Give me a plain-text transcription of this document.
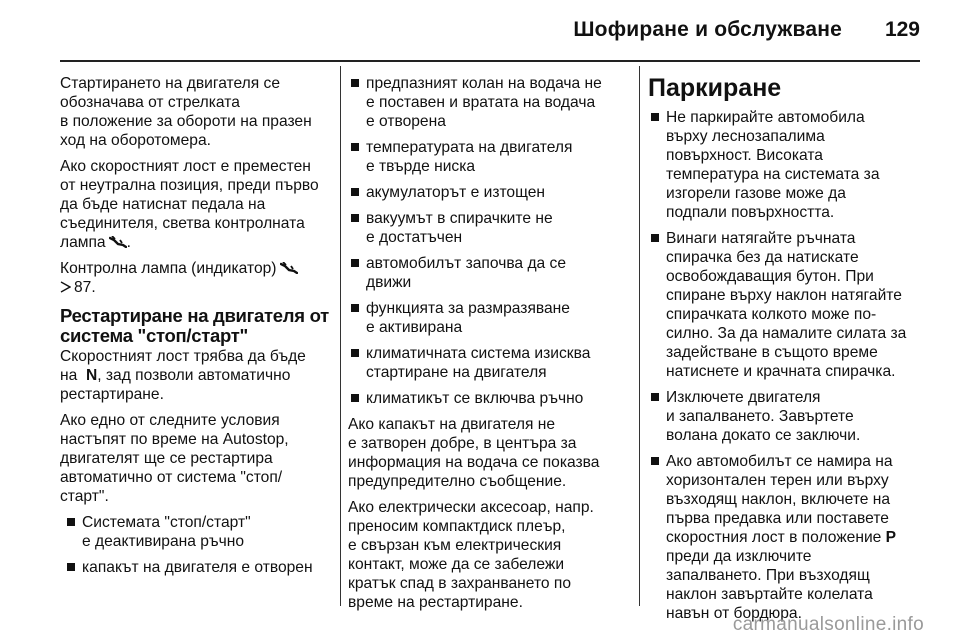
Шофиране и обслужване 129

Стартирането на двигателя се
обозначава от стрелката
в положение за обороти на празен
ход на оборотомера.

Ако скоростният лост е преместен
от неутрална позиция, преди първо
да бъде натиснат педала на
съединителя, светва контролната
лампа .

Контролна лампа (индикатор)
87.

Рестартиране на двигателя от
система "стоп/старт"

Скоростният лост трябва да бъде
на  N, зад позволи автоматично
рестартиране.

Ако едно от следните условия
настъпят по време на Autostop,
двигателят ще се рестартира
автоматично от система "стоп/
старт".

Системата "стоп/старт"
е деактивирана ръчно
капакът на двигателя е отворен
предпазният колан на водача не
е поставен и вратата на водача
е отворена
температурата на двигателя
е твърде ниска
акумулаторът е изтощен
вакуумът в спирачките не
е достатъчен
автомобилът започва да се
движи
функцията за размразяване
е активирана
климатичната система изисква
стартиране на двигателя
климатикът се включва ръчно

Ако капакът на двигателя не
е затворен добре, в центъра за
информация на водача се показва
предупредително съобщение.

Ако електрически аксесоар, напр.
преносим компактдиск плеър,
е свързан към електрическия
контакт, може да се забележи
кратък спад в захранването по
време на рестартиране.

Паркиране
Не паркирайте автомобила
върху леснозапалима
повърхност. Високата
температура на системата за
изгорели газове може да
подпали повърхността.
Винаги натягайте ръчната
спирачка без да натискате
освобождаващия бутон. При
спиране върху наклон натягайте
спирачката колкото може по-
силно. За да намалите силата за
задействане в същото време
натиснете и крачната спирачка.
Изключете двигателя
и запалването. Завъртете
волана докато се заключи.
Ако автомобилът се намира на
хоризонтален терен или върху
възходящ наклон, включете на
първа предавка или поставете
скоростния лост в положение P
преди да изключите
запалването. При възходящ
наклон завъртайте колелата
навън от бордюра.
carmanualsonline.info
